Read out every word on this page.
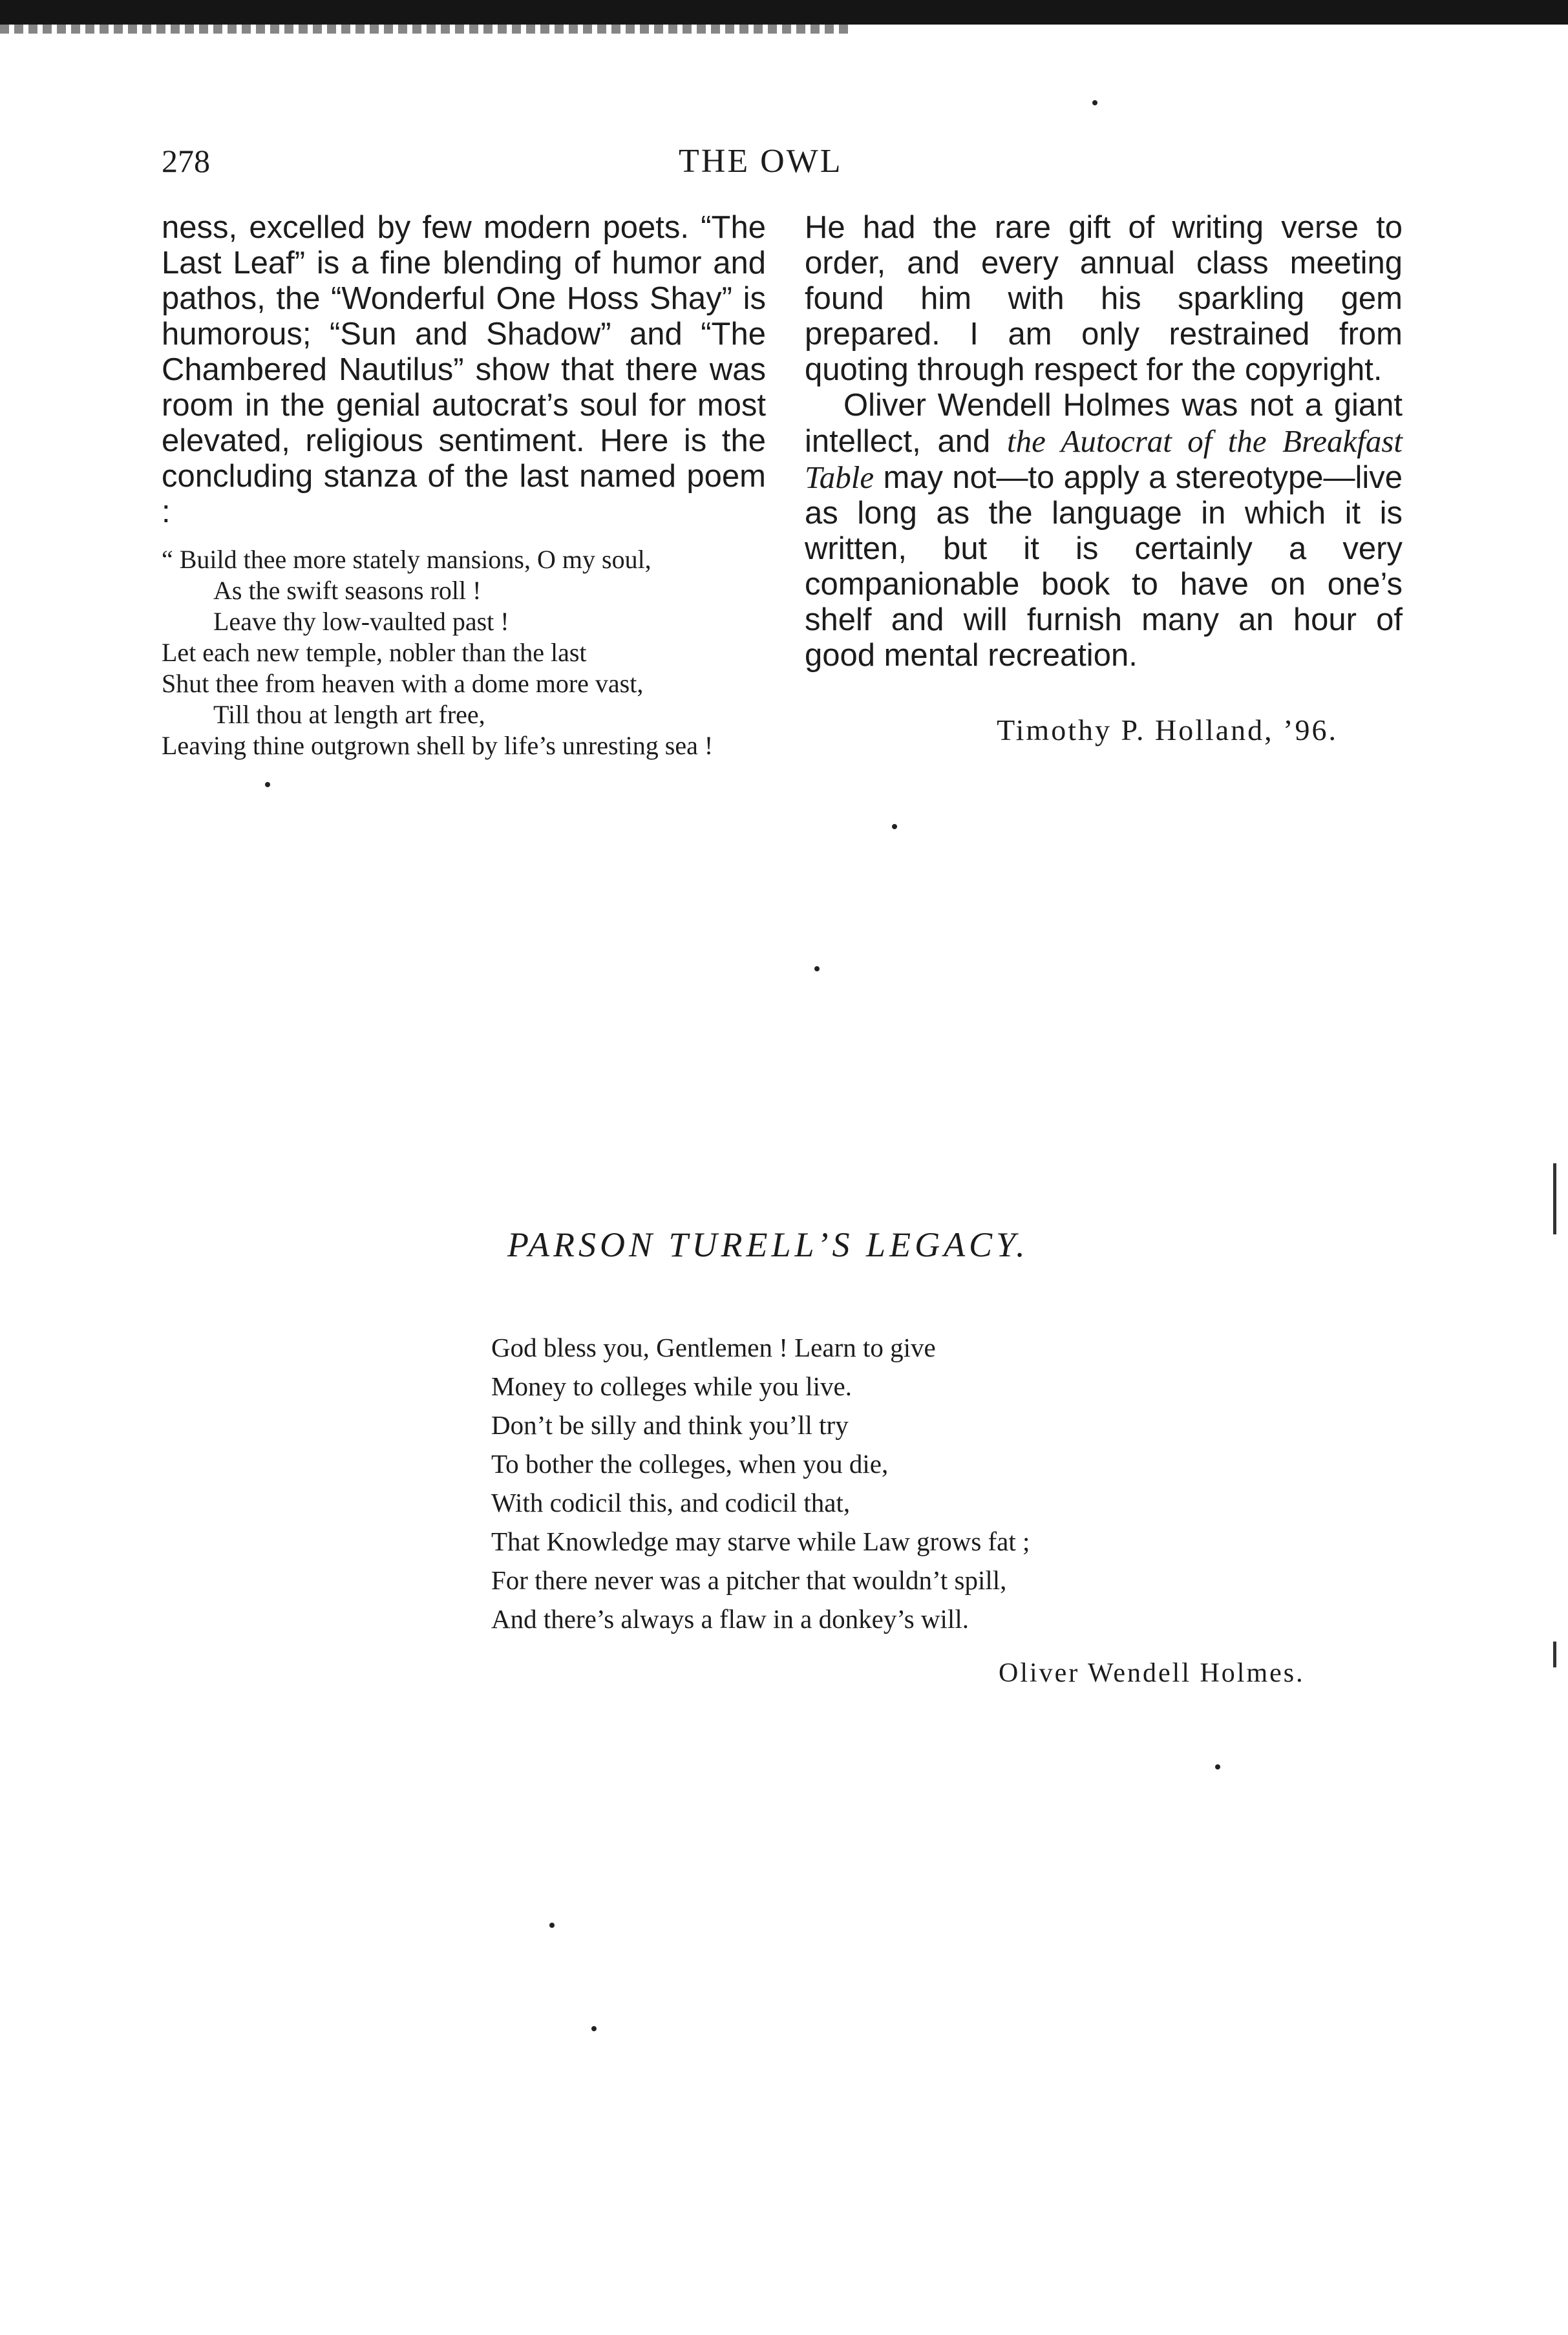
278	THE OWL

ness, excelled by few modern poets. “The Last Leaf” is a fine blending of humor and pathos, the “Wonderful One Hoss Shay” is humorous; “Sun and Shadow” and “The Chambered Nautilus” show that there was room in the genial autocrat’s soul for most elevated, religious sentiment. Here is the concluding stanza of the last named poem :

“ Build thee more stately mansions, O my soul,
As the swift seasons roll !
Leave thy low-vaulted past !
Let each new temple, nobler than the last
Shut thee from heaven with a dome more vast,
Till thou at length art free,
Leaving thine outgrown shell by life’s unresting sea !

He had the rare gift of writing verse to order, and every annual class meeting found him with his sparkling gem prepared. I am only restrained from quoting through respect for the copyright.

Oliver Wendell Holmes was not a giant intellect, and the Autocrat of the Breakfast Table may not—to apply a stereotype—live as long as the language in which it is written, but it is certainly a very companionable book to have on one’s shelf and will furnish many an hour of good mental recreation.

Timothy P. Holland, ’96.
PARSON TURELL’S LEGACY.
God bless you, Gentlemen ! Learn to give
Money to colleges while you live.
Don’t be silly and think you’ll try
To bother the colleges, when you die,
With codicil this, and codicil that,
That Knowledge may starve while Law grows fat ;
For there never was a pitcher that wouldn’t spill,
And there’s always a flaw in a donkey’s will.
Oliver Wendell Holmes.
